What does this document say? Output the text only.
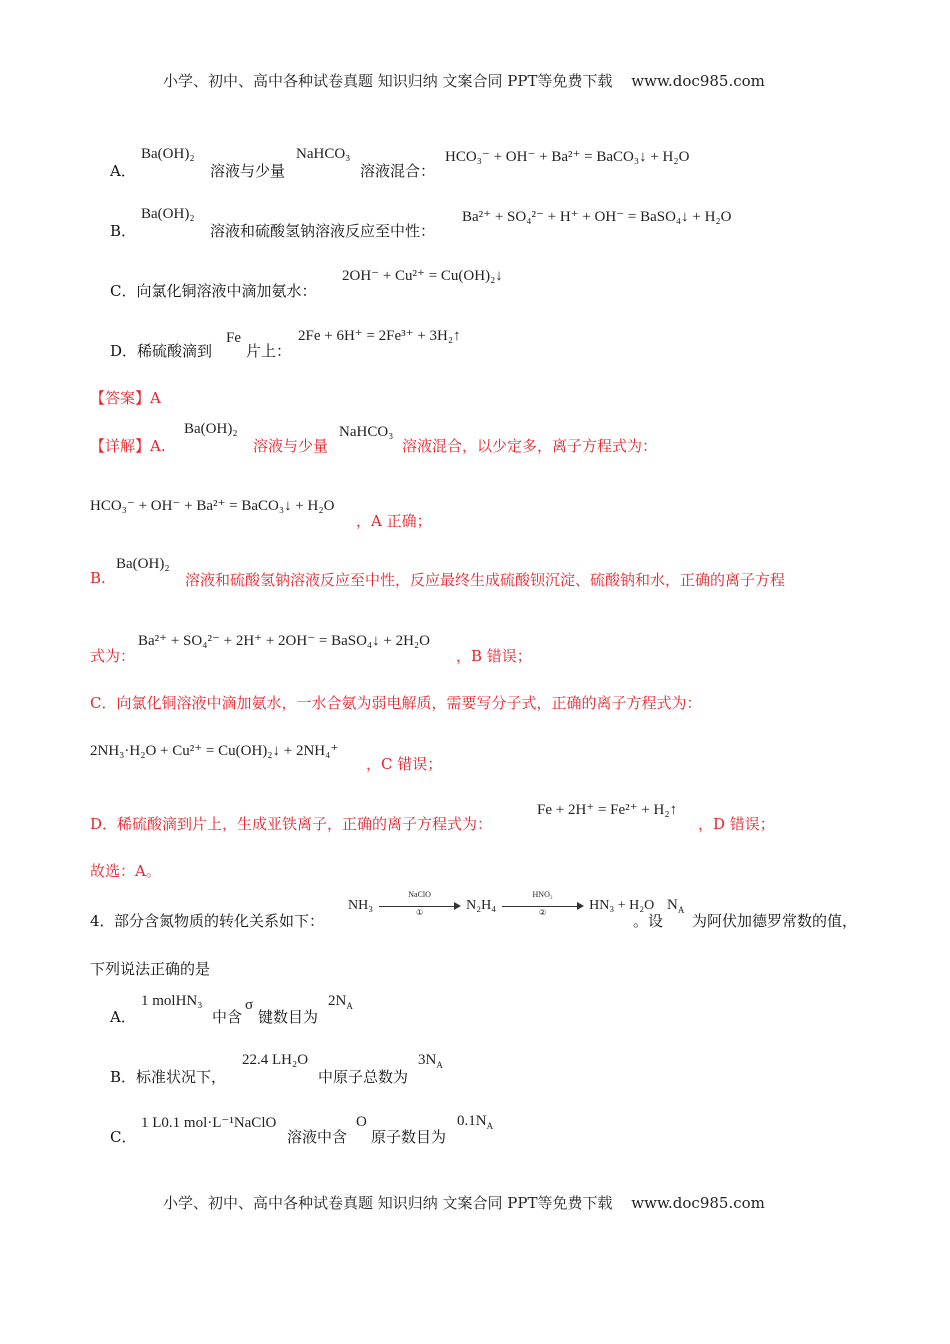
小学、初中、高中各种试卷真题 知识归纳 文案合同 PPT等免费下载 www.doc985.com
A．
Ba(OH)₂
溶液与少量
NaHCO₃
溶液混合：
HCO₃⁻ + OH⁻ + Ba²⁺ = BaCO₃↓ + H₂O
B．
Ba(OH)₂
溶液和硫酸氢钠溶液反应至中性：
Ba²⁺ + SO₄²⁻ + H⁺ + OH⁻ = BaSO₄↓ + H₂O
C．向氯化铜溶液中滴加氨水：
2OH⁻ + Cu²⁺ = Cu(OH)₂↓
D．稀硫酸滴到
Fe
片上：
2Fe + 6H⁺ = 2Fe³⁺ + 3H₂↑
【答案】A
【详解】A.
Ba(OH)₂
溶液与少量
NaHCO₃
溶液混合，以少定多，离子方程式为：
HCO₃⁻ + OH⁻ + Ba²⁺ = BaCO₃↓ + H₂O
，A 正确；
B.
Ba(OH)₂
溶液和硫酸氢钠溶液反应至中性，反应最终生成硫酸钡沉淀、硫酸钠和水，正确的离子方程
式为：
Ba²⁺ + SO₄²⁻ + 2H⁺ + 2OH⁻ = BaSO₄↓ + 2H₂O
，B 错误；
C．向氯化铜溶液中滴加氨水，一水合氨为弱电解质，需要写分子式，正确的离子方程式为：
2NH₃·H₂O + Cu²⁺ = Cu(OH)₂↓ + 2NH₄⁺
，C 错误；
D．稀硫酸滴到片上，生成亚铁离子，正确的离子方程式为：
Fe + 2H⁺ = Fe²⁺ + H₂↑
，D 错误；
故选：A。
4． 部分含氮物质的转化关系如下：
NH₃
NaClO
①	N₂H₄
HNO₂
②	HN₃ + H₂O
。设
$N_A$
为阿伏加德罗常数的值，
下列说法正确的是
A．
1 molHN₃
中含
σ
键数目为
$2N_A$
B．标准状况下，
22.4 LH₂O
中原子总数为
$3N_A$
C．
1 L0.1 mol·L⁻¹NaClO
溶液中含
O
原子数目为
$0.1N_A$
小学、初中、高中各种试卷真题 知识归纳 文案合同 PPT等免费下载 www.doc985.com
